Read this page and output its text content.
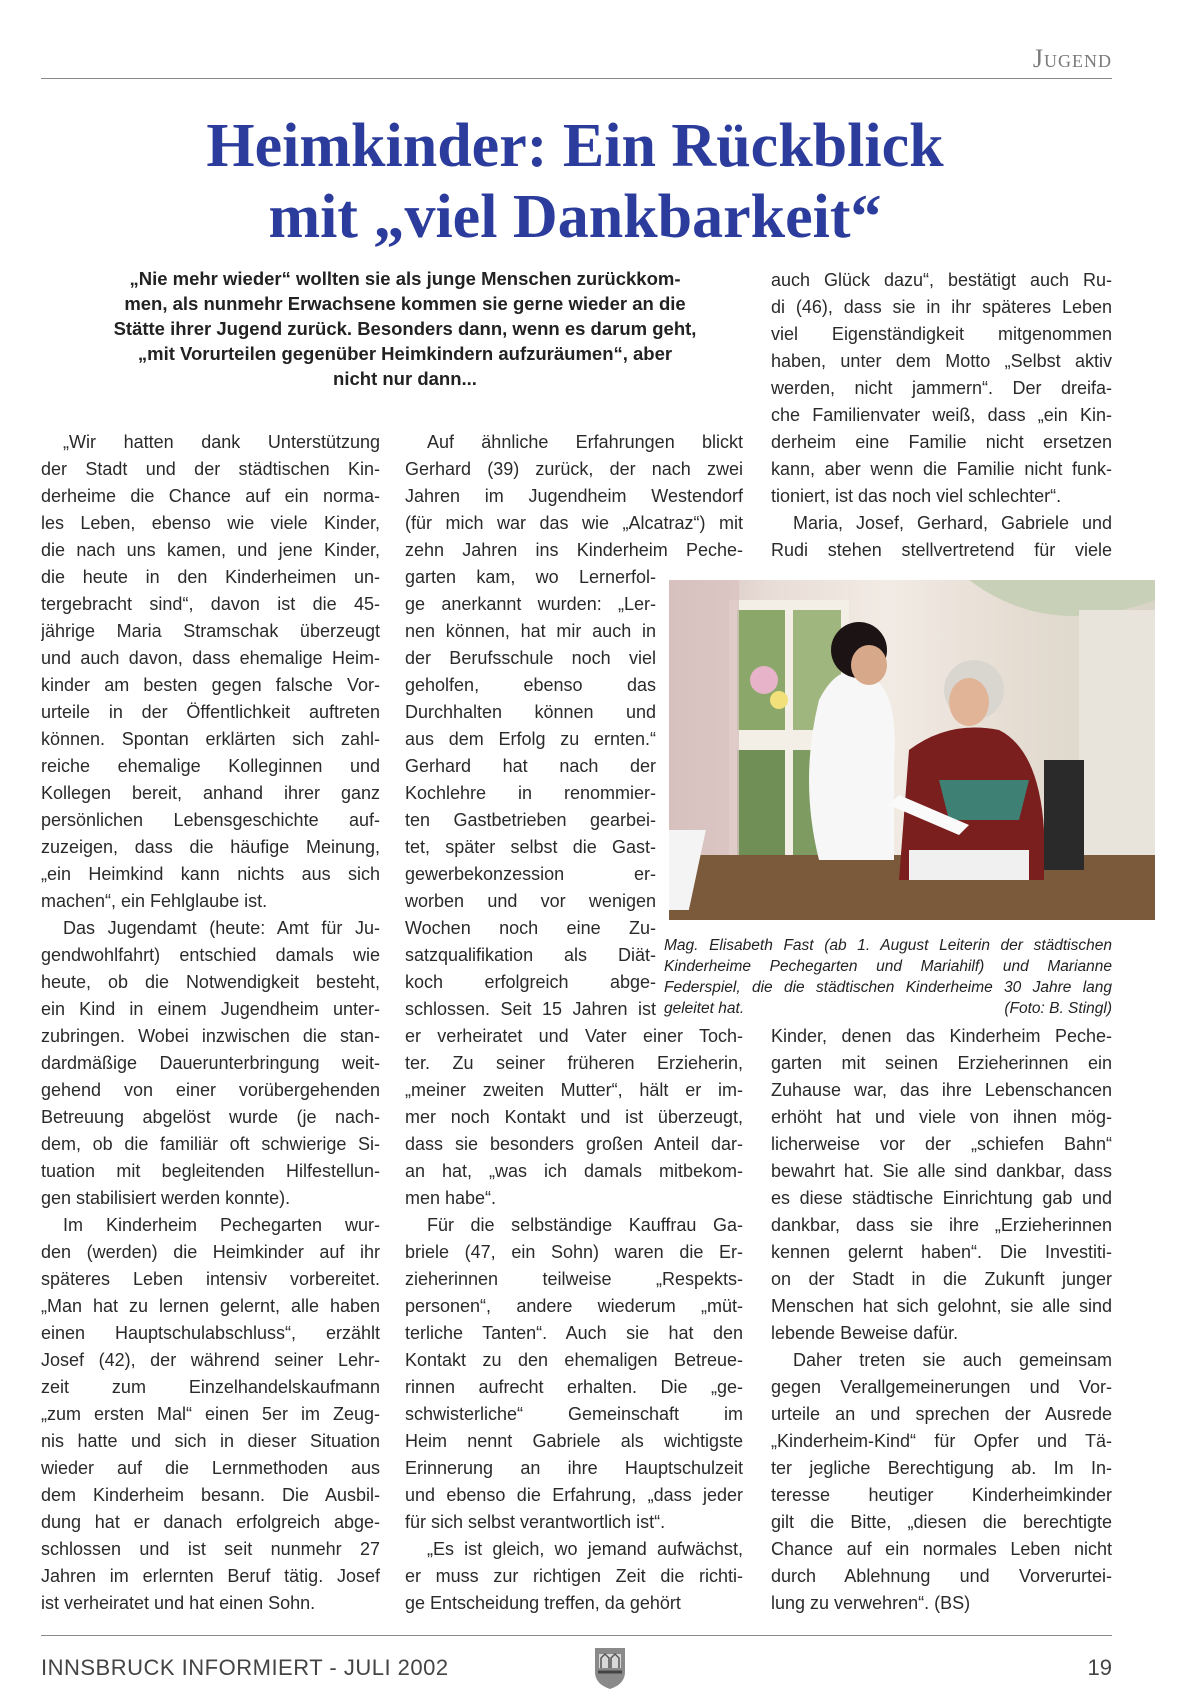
Jugend
Heimkinder: Ein Rückblick
mit „viel Dankbarkeit“
„Nie mehr wieder“ wollten sie als junge Menschen zurückkom-
men, als nunmehr Erwachsene kommen sie gerne wieder an die
Stätte ihrer Jugend zurück. Besonders dann, wenn es darum geht,
„mit Vorurteilen gegenüber Heimkindern aufzuräumen“, aber
nicht nur dann...
„Wir hatten dank Unterstützung
der Stadt und der städtischen Kin-
derheime die Chance auf ein norma-
les Leben, ebenso wie viele Kinder,
die nach uns kamen, und jene Kinder,
die heute in den Kinderheimen un-
tergebracht sind“, davon ist die 45-
jährige Maria Stramschak überzeugt
und auch davon, dass ehemalige Heim-
kinder am besten gegen falsche Vor-
urteile in der Öffentlichkeit auftreten
können. Spontan erklärten sich zahl-
reiche ehemalige Kolleginnen und
Kollegen bereit, anhand ihrer ganz
persönlichen Lebensgeschichte auf-
zuzeigen, dass die häufige Meinung,
„ein Heimkind kann nichts aus sich
machen“, ein Fehlglaube ist.
Das Jugendamt (heute: Amt für Ju-
gendwohlfahrt) entschied damals wie
heute, ob die Notwendigkeit besteht,
ein Kind in einem Jugendheim unter-
zubringen. Wobei inzwischen die stan-
dardmäßige Dauerunterbringung weit-
gehend von einer vorübergehenden
Betreuung abgelöst wurde (je nach-
dem, ob die familiär oft schwierige Si-
tuation mit begleitenden Hilfestellun-
gen stabilisiert werden konnte).
Im Kinderheim Pechegarten wur-
den (werden) die Heimkinder auf ihr
späteres Leben intensiv vorbereitet.
„Man hat zu lernen gelernt, alle haben
einen Hauptschulabschluss“, erzählt
Josef (42), der während seiner Lehr-
zeit zum Einzelhandelskaufmann
„zum ersten Mal“ einen 5er im Zeug-
nis hatte und sich in dieser Situation
wieder auf die Lernmethoden aus
dem Kinderheim besann. Die Ausbil-
dung hat er danach erfolgreich abge-
schlossen und ist seit nunmehr 27
Jahren im erlernten Beruf tätig. Josef
ist verheiratet und hat einen Sohn.
Auf ähnliche Erfahrungen blickt
Gerhard (39) zurück, der nach zwei
Jahren im Jugendheim Westendorf
(für mich war das wie „Alcatraz“) mit
zehn Jahren ins Kinderheim Peche-
garten kam, wo Lernerfol-
ge anerkannt wurden: „Ler-
nen können, hat mir auch in
der Berufsschule noch viel
geholfen, ebenso das
Durchhalten können und
aus dem Erfolg zu ernten.“
Gerhard hat nach der
Kochlehre in renommier-
ten Gastbetrieben gearbei-
tet, später selbst die Gast-
gewerbekonzession er-
worben und vor wenigen
Wochen noch eine Zu-
satzqualifikation als Diät-
koch erfolgreich abge-
schlossen. Seit 15 Jahren ist
er verheiratet und Vater einer Toch-
ter. Zu seiner früheren Erzieherin,
„meiner zweiten Mutter“, hält er im-
mer noch Kontakt und ist überzeugt,
dass sie besonders großen Anteil dar-
an hat, „was ich damals mitbekom-
men habe“.
Für die selbständige Kauffrau Ga-
briele (47, ein Sohn) waren die Er-
zieherinnen teilweise „Respekts-
personen“, andere wiederum „müt-
terliche Tanten“. Auch sie hat den
Kontakt zu den ehemaligen Betreue-
rinnen aufrecht erhalten. Die „ge-
schwisterliche“ Gemeinschaft im
Heim nennt Gabriele als wichtigste
Erinnerung an ihre Hauptschulzeit
und ebenso die Erfahrung, „dass jeder
für sich selbst verantwortlich ist“.
„Es ist gleich, wo jemand aufwächst,
er muss zur richtigen Zeit die richti-
ge Entscheidung treffen, da gehört
auch Glück dazu“, bestätigt auch Ru-
di (46), dass sie in ihr späteres Leben
viel Eigenständigkeit mitgenommen
haben, unter dem Motto „Selbst aktiv
werden, nicht jammern“. Der dreifa-
che Familienvater weiß, dass „ein Kin-
derheim eine Familie nicht ersetzen
kann, aber wenn die Familie nicht funk-
tioniert, ist das noch viel schlechter“.
Maria, Josef, Gerhard, Gabriele und
Rudi stehen stellvertretend für viele
Kinder, denen das Kinderheim Peche-
garten mit seinen Erzieherinnen ein
Zuhause war, das ihre Lebenschancen
erhöht hat und viele von ihnen mög-
licherweise vor der „schiefen Bahn“
bewahrt hat. Sie alle sind dankbar, dass
es diese städtische Einrichtung gab und
dankbar, dass sie ihre „Erzieherinnen
kennen gelernt haben“. Die Investiti-
on der Stadt in die Zukunft junger
Menschen hat sich gelohnt, sie alle sind
lebende Beweise dafür.
Daher treten sie auch gemeinsam
gegen Verallgemeinerungen und Vor-
urteile an und sprechen der Ausrede
„Kinderheim-Kind“ für Opfer und Tä-
ter jegliche Berechtigung ab. Im In-
teresse heutiger Kinderheimkinder
gilt die Bitte, „diesen die berechtigte
Chance auf ein normales Leben nicht
durch Ablehnung und Vorverurtei-
lung zu verwehren“. (BS)
Mag. Elisabeth Fast (ab 1. August Leiterin der städtischen
Kinderheime Pechegarten und Mariahilf) und Marianne
Federspiel, die die städtischen Kinderheime 30 Jahre lang
geleitet hat.	(Foto: B. Stingl)
INNSBRUCK INFORMIERT - JULI 2002	19
